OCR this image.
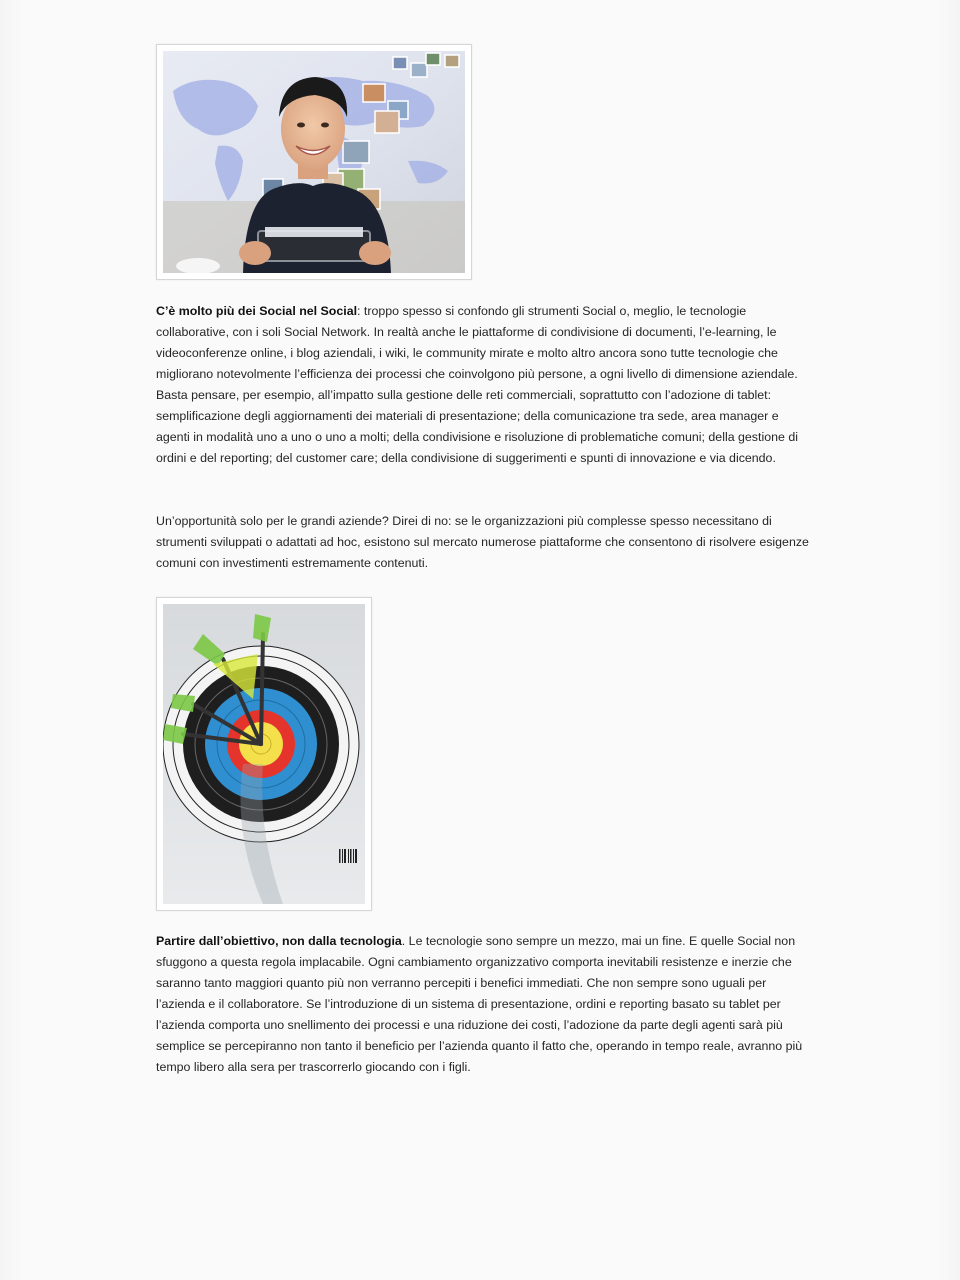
C’è molto più dei Social nel Social: troppo spesso si confondo gli strumenti Social o, meglio, le tecnologie collaborative, con i soli Social Network. In realtà anche le piattaforme di condivisione di documenti, l’e-learning, le videoconferenze online, i blog aziendali, i wiki, le community mirate e molto altro ancora sono tutte tecnologie che migliorano notevolmente l’efficienza dei processi che coinvolgono più persone, a ogni livello di dimensione aziendale. Basta pensare, per esempio, all’impatto sulla gestione delle reti commerciali, soprattutto con l’adozione di tablet: semplificazione degli aggiornamenti dei materiali di presentazione; della comunicazione tra sede, area manager e agenti in modalità uno a uno o uno a molti; della condivisione e risoluzione di problematiche comuni; della gestione di ordini e del reporting; del customer care; della condivisione di suggerimenti e spunti di innovazione e via dicendo.

Un’opportunità solo per le grandi aziende? Direi di no: se le organizzazioni più complesse spesso necessitano di strumenti sviluppati o adattati ad hoc, esistono sul mercato numerose piattaforme che consentono di risolvere esigenze comuni con investimenti estremamente contenuti.

Partire dall’obiettivo, non dalla tecnologia. Le tecnologie sono sempre un mezzo, mai un fine. E quelle Social non sfuggono a questa regola implacabile. Ogni cambiamento organizzativo comporta inevitabili resistenze e inerzie che saranno tanto maggiori quanto più non verranno percepiti i benefici immediati. Che non sempre sono uguali per l’azienda e il collaboratore. Se l’introduzione di un sistema di presentazione, ordini e reporting basato su tablet per l’azienda comporta uno snellimento dei processi e una riduzione dei costi, l’adozione da parte degli agenti sarà più semplice se percepiranno non tanto il beneficio per l’azienda quanto il fatto che, operando in tempo reale, avranno più tempo libero alla sera per trascorrerlo giocando con i figli.
